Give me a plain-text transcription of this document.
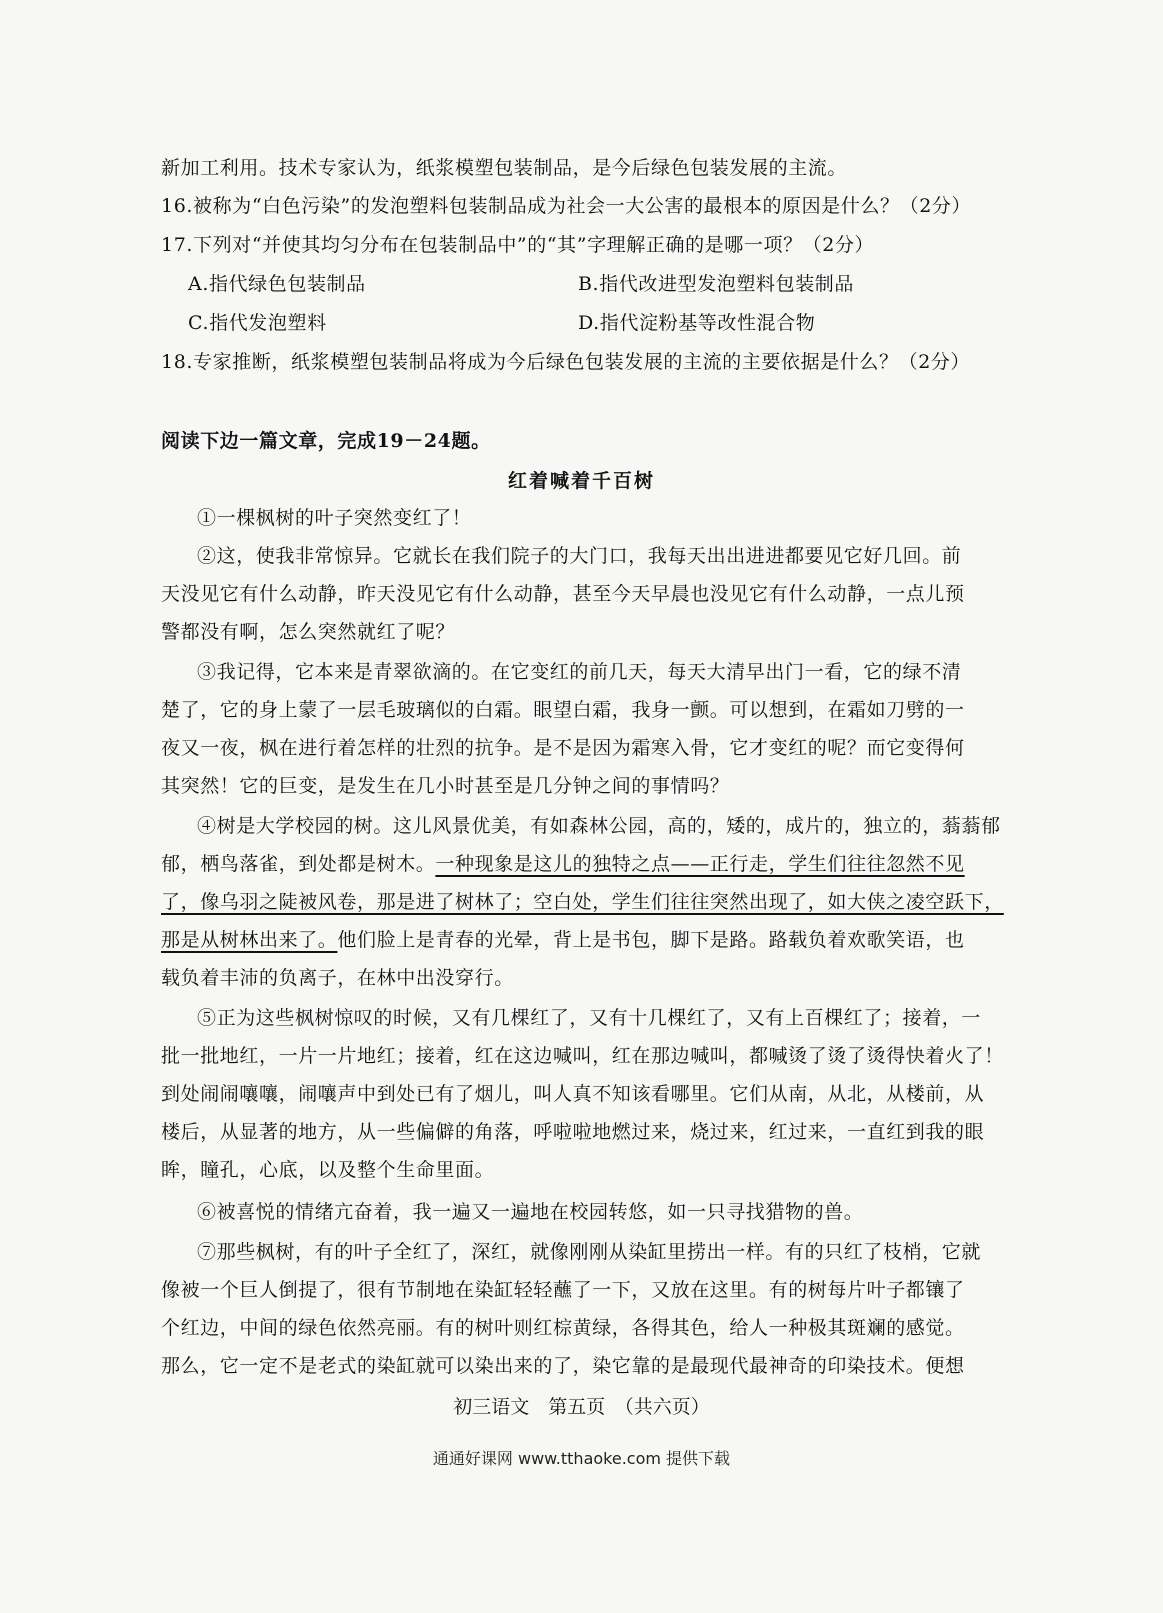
新加工利用。技术专家认为，纸浆模塑包装制品，是今后绿色包装发展的主流。
16.被称为“白色污染”的发泡塑料包装制品成为社会一大公害的最根本的原因是什么？（2分）
17.下列对“并使其均匀分布在包装制品中”的“其”字理解正确的是哪一项？（2分）
A.指代绿色包装制品	B.指代改进型发泡塑料包装制品
C.指代发泡塑料	D.指代淀粉基等改性混合物
18.专家推断，纸浆模塑包装制品将成为今后绿色包装发展的主流的主要依据是什么？（2分）
阅读下边一篇文章，完成19－24题。
红着喊着千百树
①一棵枫树的叶子突然变红了！
②这，使我非常惊异。它就长在我们院子的大门口，我每天出出进进都要见它好几回。前
天没见它有什么动静，昨天没见它有什么动静，甚至今天早晨也没见它有什么动静，一点儿预
警都没有啊，怎么突然就红了呢？
③我记得，它本来是青翠欲滴的。在它变红的前几天，每天大清早出门一看，它的绿不清
楚了，它的身上蒙了一层毛玻璃似的白霜。眼望白霜，我身一颤。可以想到，在霜如刀劈的一
夜又一夜，枫在进行着怎样的壮烈的抗争。是不是因为霜寒入骨，它才变红的呢？而它变得何
其突然！它的巨变，是发生在几小时甚至是几分钟之间的事情吗？
④树是大学校园的树。这儿风景优美，有如森林公园，高的，矮的，成片的，独立的，蓊蓊郁
郁，栖鸟落雀，到处都是树木。一种现象是这儿的独特之点——正行走，学生们往往忽然不见
了，像乌羽之陡被风卷，那是进了树林了；空白处，学生们往往突然出现了，如大侠之凌空跃下，
那是从树林出来了。他们脸上是青春的光晕，背上是书包，脚下是路。路载负着欢歌笑语，也
载负着丰沛的负离子，在林中出没穿行。
⑤正为这些枫树惊叹的时候，又有几棵红了，又有十几棵红了，又有上百棵红了；接着，一
批一批地红，一片一片地红；接着，红在这边喊叫，红在那边喊叫，都喊烫了烫了烫得快着火了！
到处闹闹嚷嚷，闹嚷声中到处已有了烟儿，叫人真不知该看哪里。它们从南，从北，从楼前，从
楼后，从显著的地方，从一些偏僻的角落，呼啦啦地燃过来，烧过来，红过来，一直红到我的眼
眸，瞳孔，心底，以及整个生命里面。
⑥被喜悦的情绪亢奋着，我一遍又一遍地在校园转悠，如一只寻找猎物的兽。
⑦那些枫树，有的叶子全红了，深红，就像刚刚从染缸里捞出一样。有的只红了枝梢，它就
像被一个巨人倒提了，很有节制地在染缸轻轻蘸了一下，又放在这里。有的树每片叶子都镶了
个红边，中间的绿色依然亮丽。有的树叶则红棕黄绿，各得其色，给人一种极其斑斓的感觉。
那么，它一定不是老式的染缸就可以染出来的了，染它靠的是最现代最神奇的印染技术。便想
初三语文　第五页　（共六页）
通通好课网 www.tthaoke.com 提供下载
